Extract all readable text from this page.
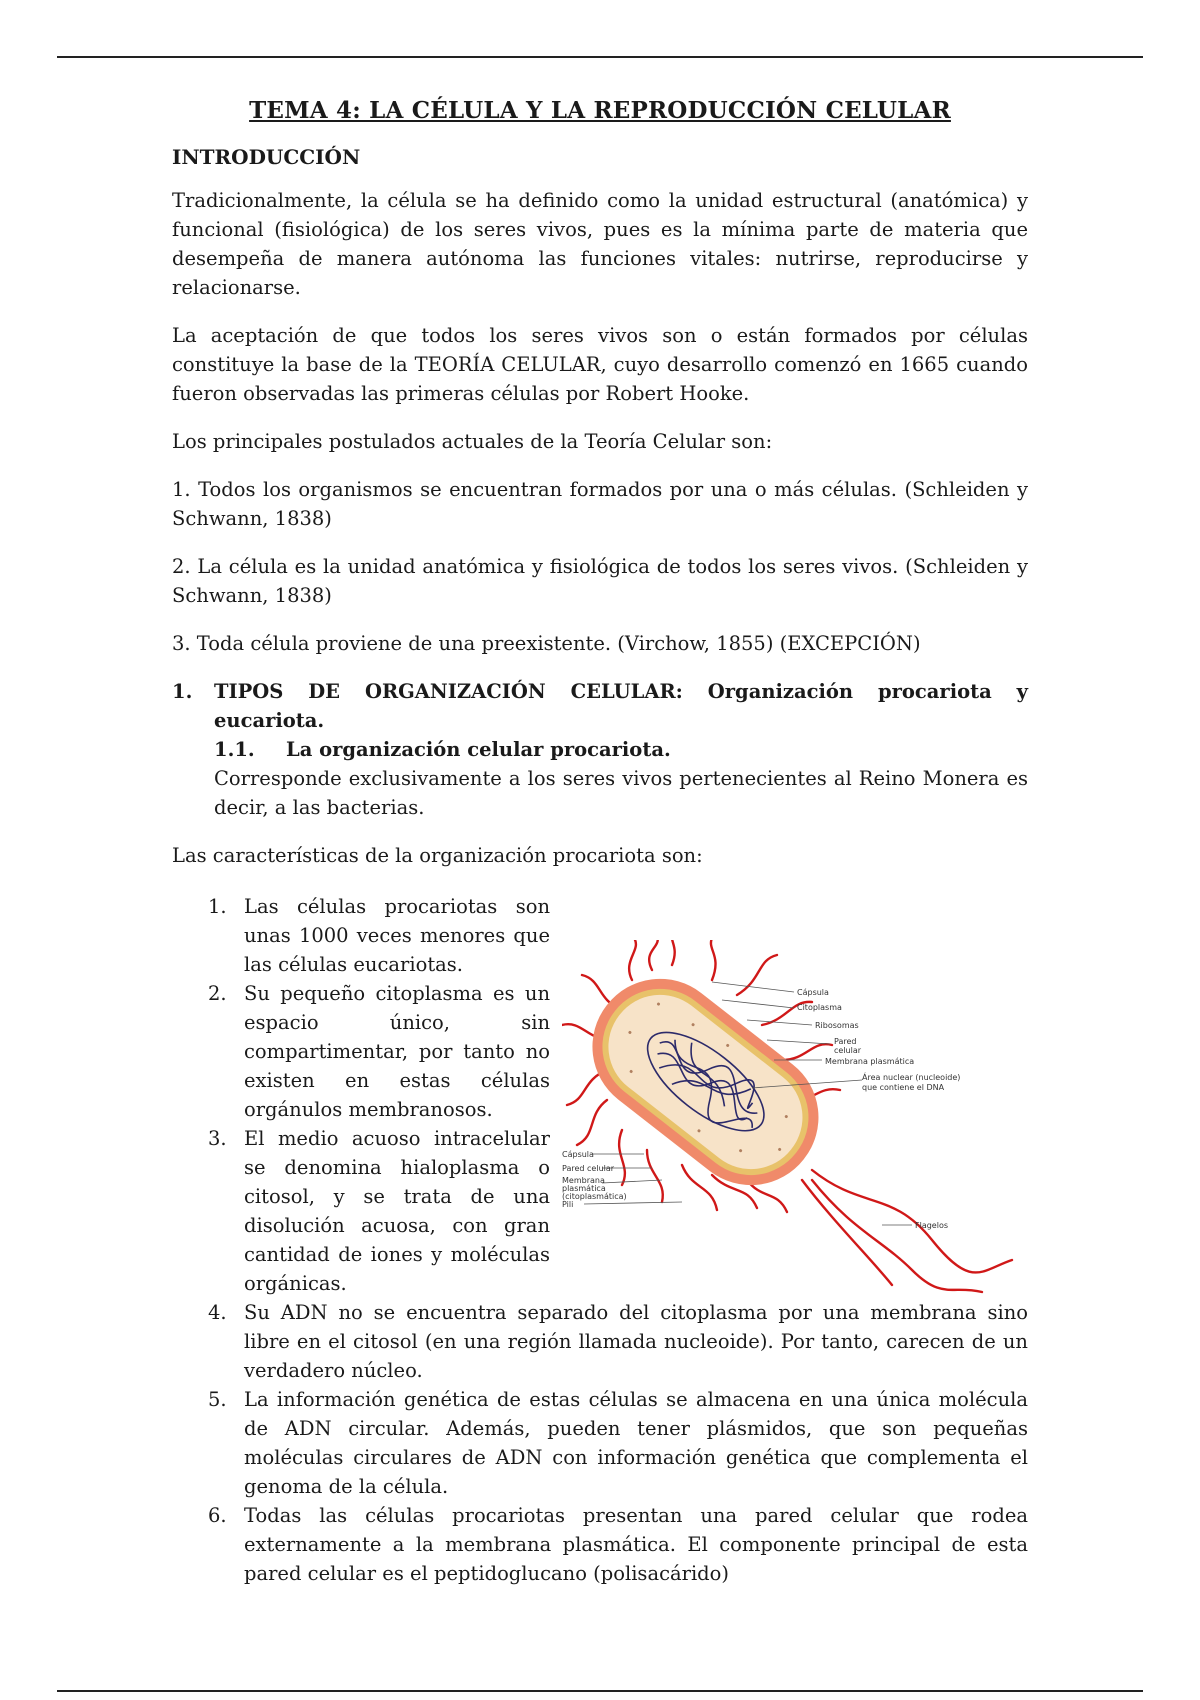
TEMA 4: LA CÉLULA Y LA REPRODUCCIÓN CELULAR
INTRODUCCIÓN

Tradicionalmente, la célula se ha definido como la unidad estructural (anatómica) y funcional (fisiológica) de los seres vivos, pues es la mínima parte de materia que desempeña de manera autónoma las funciones vitales: nutrirse, reproducirse y relacionarse.

La aceptación de que todos los seres vivos son o están formados por células constituye la base de la TEORÍA CELULAR, cuyo desarrollo comenzó en 1665 cuando fueron observadas las primeras células por Robert Hooke.

Los principales postulados actuales de la Teoría Celular son:

1. Todos los organismos se encuentran formados por una o más células. (Schleiden y Schwann, 1838)

2. La célula es la unidad anatómica y fisiológica de todos los seres vivos. (Schleiden y Schwann, 1838)

3. Toda célula proviene de una preexistente. (Virchow, 1855) (EXCEPCIÓN)

1.	TIPOS DE ORGANIZACIÓN CELULAR: Organización procariota y eucariota.
1.1.	La organización celular procariota.
Corresponde exclusivamente a los seres vivos pertenecientes al Reino Monera es decir, a las bacterias.

Las características de la organización procariota son:

1. Las células procariotas son unas 1000 veces menores que las células eucariotas.
2. Su pequeño citoplasma es un espacio único, sin compartimentar, por tanto no existen en estas células orgánulos membranosos.
3. El medio acuoso intracelular se denomina hialoplasma o citosol, y se trata de una disolución acuosa, con gran cantidad de iones y moléculas orgánicas.
4. Su ADN no se encuentra separado del citoplasma por una membrana sino libre en el citosol (en una región llamada nucleoide). Por tanto, carecen de un verdadero núcleo.
5. La información genética de estas células se almacena en una única molécula de ADN circular. Además, pueden tener plásmidos, que son pequeñas moléculas circulares de ADN con información genética que complementa el genoma de la célula.
6. Todas las células procariotas presentan una pared celular que rodea externamente a la membrana plasmática. El componente principal de esta pared celular es el peptidoglucano (polisacárido)
Cápsula
Citoplasma
Ribosomas
Pared
celular
Membrana plasmática
Área nuclear (nucleoide)
que contiene el DNA
Cápsula
Pared celular
Membrana
plasmática
(citoplasmática)
Pili
Flagelos
